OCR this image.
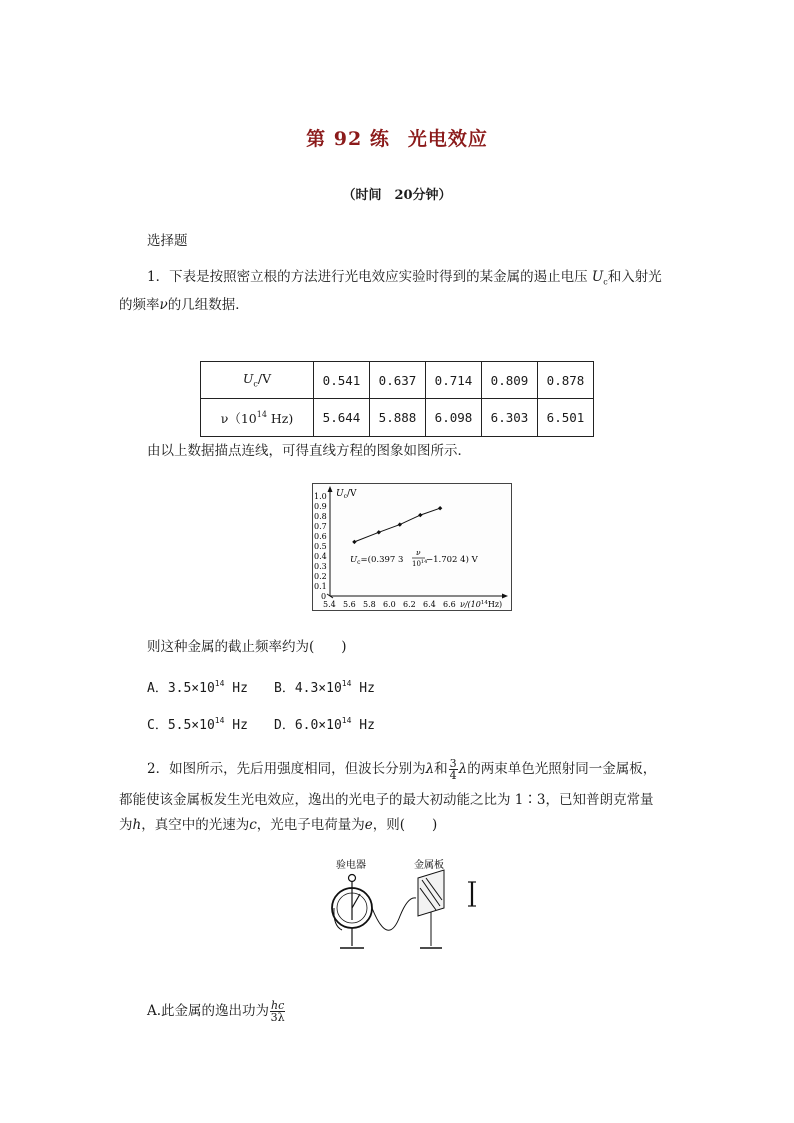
第 92 练 光电效应
（时间　20分钟）
选择题
1．下表是按照密立根的方法进行光电效应实验时得到的某金属的遏止电压 $U_c$和入射光
的频率ν的几组数据．
$U_c/V$	0.541	0.637	0.714	0.809	0.878
$\nu(10^{14}$ Hz)	5.644	5.888	6.098	6.303	6.501
由以上数据描点连线，可得直线方程的图象如图所示．
$U_c/V$
0
0.1
0.2
0.3
0.4
0.5
0.6
0.7
0.8
0.9
1.0
5.4 5.6 5.8 6.0 6.2 6.4 6.6 $\nu/(10^{14}Hz)$
$U_c=(0.397$ 3
ν
$10^{14}$
−1.702 4) V
则这种金属的截止频率约为(　　)
A．$3.5\times 10^{14}$ Hz B．$4.3\times 10^{14}$ Hz
C．$5.5\times 10^{14}$ Hz D．$6.0\times 10^{14}$ Hz
2．如图所示，先后用强度相同，但波长分别为λ和 $\frac{3}{4}$ λ的两束单色光照射同一金属板，
都能使该金属板发生光电效应，逸出的光电子的最大初动能之比为 1∶3，已知普朗克常量
为h，真空中的光速为c，光电子电荷量为e，则(　　)
验电器	金属板
A.此金属的逸出功为 $\frac{hc}{3\lambda}$
